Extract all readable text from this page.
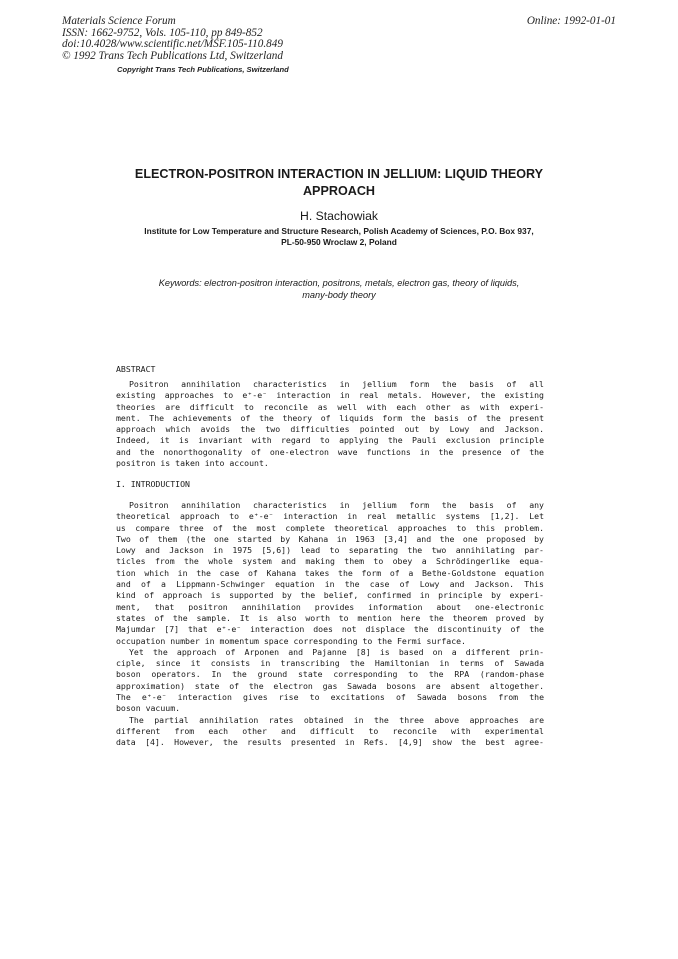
Materials Science Forum
ISSN: 1662-9752, Vols. 105-110, pp 849-852
doi:10.4028/www.scientific.net/MSF.105-110.849
© 1992 Trans Tech Publications Ltd, Switzerland
Online: 1992-01-01
Copyright Trans Tech Publications, Switzerland
ELECTRON-POSITRON INTERACTION IN JELLIUM: LIQUID THEORY
APPROACH
H. Stachowiak
Institute for Low Temperature and Structure Research, Polish Academy of Sciences, P.O. Box 937,
PL-50-950 Wroclaw 2, Poland
Keywords: electron-positron interaction, positrons, metals, electron gas, theory of liquids,
many-body theory
ABSTRACT
Positron annihilation characteristics in jellium form the basis of all
existing approaches to e⁺-e⁻ interaction in real metals. However, the existing
theories are difficult to reconcile as well with each other as with experi-
ment. The achievements of the theory of liquids form the basis of the present
approach which avoids the two difficulties pointed out by Lowy and Jackson.
Indeed, it is invariant with regard to applying the Pauli exclusion principle
and the nonorthogonality of one-electron wave functions in the presence of the
positron is taken into account.
I. INTRODUCTION
Positron annihilation characteristics in jellium form the basis of any
theoretical approach to e⁺-e⁻ interaction in real metallic systems [1,2]. Let
us compare three of the most complete theoretical approaches to this problem.
Two of them (the one started by Kahana in 1963 [3,4] and the one proposed by
Lowy and Jackson in 1975 [5,6]) lead to separating the two annihilating par-
ticles from the whole system and making them to obey a Schrödingerlike equa-
tion which in the case of Kahana takes the form of a Bethe-Goldstone equation
and of a Lippmann-Schwinger equation in the case of Lowy and Jackson. This
kind of approach is supported by the belief, confirmed in principle by experi-
ment, that positron annihilation provides information about one-electronic
states of the sample. It is also worth to mention here the theorem proved by
Majumdar [7] that e⁺-e⁻ interaction does not displace the discontinuity of the
occupation number in momentum space corresponding to the Fermi surface.
Yet the approach of Arponen and Pajanne [8] is based on a different prin-
ciple, since it consists in transcribing the Hamiltonian in terms of Sawada
boson operators. In the ground state corresponding to the RPA (random-phase
approximation) state of the electron gas Sawada bosons are absent altogether.
The e⁺-e⁻ interaction gives rise to excitations of Sawada bosons from the
boson vacuum.
The partial annihilation rates obtained in the three above approaches are
different from each other and difficult to reconcile with experimental
data [4]. However, the results presented in Refs. [4,9] show the best agree-
